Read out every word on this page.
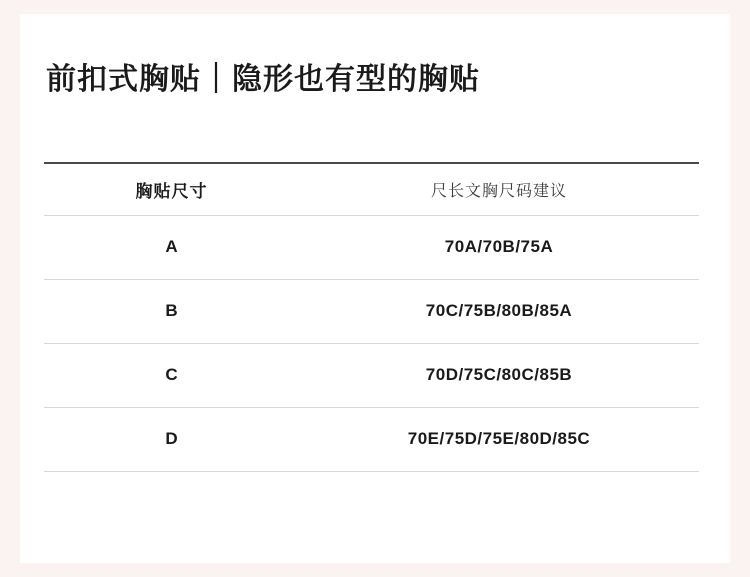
前扣式胸贴｜隐形也有型的胸贴
胸贴尺寸	尺长文胸尺码建议
A	70A/70B/75A
B	70C/75B/80B/85A
C	70D/75C/80C/85B
D	70E/75D/75E/80D/85C
